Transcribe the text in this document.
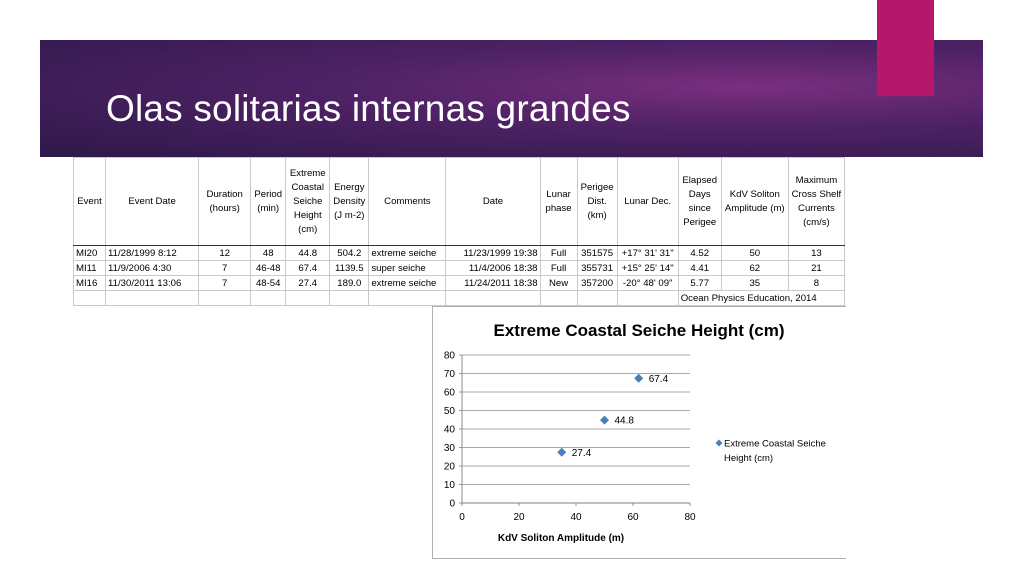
Olas solitarias internas grandes
Event	Event Date	Duration (hours)	Period (min)	Extreme Coastal Seiche Height (cm)	Energy Density (J m-2)	Comments	Date	Lunar phase	Perigee Dist. (km)	Lunar Dec.	Elapsed Days since Perigee	KdV Soliton Amplitude (m)	Maximum Cross Shelf Currents (cm/s)
MI20	11/28/1999 8:12	12	48	44.8	504.2	extreme seiche	11/23/1999 19:38	Full	351575	+17° 31' 31"	4.52	50	13
MI11	11/9/2006 4:30	7	46-48	67.4	1139.5	super seiche	11/4/2006 18:38	Full	355731	+15° 25' 14"	4.41	62	21
MI16	11/30/2011 13:06	7	48-54	27.4	189.0	extreme seiche	11/24/2011 18:38	New	357200	-20° 48' 09"	5.77	35	8
											Ocean Physics Education, 2014		
Extreme Coastal Seiche Height (cm)
0
10
20
30
40
50
60
70
80
0	20	40	60	80
KdV Soliton Amplitude (m)
44.8
67.4
27.4
Extreme Coastal Seiche
Height (cm)
